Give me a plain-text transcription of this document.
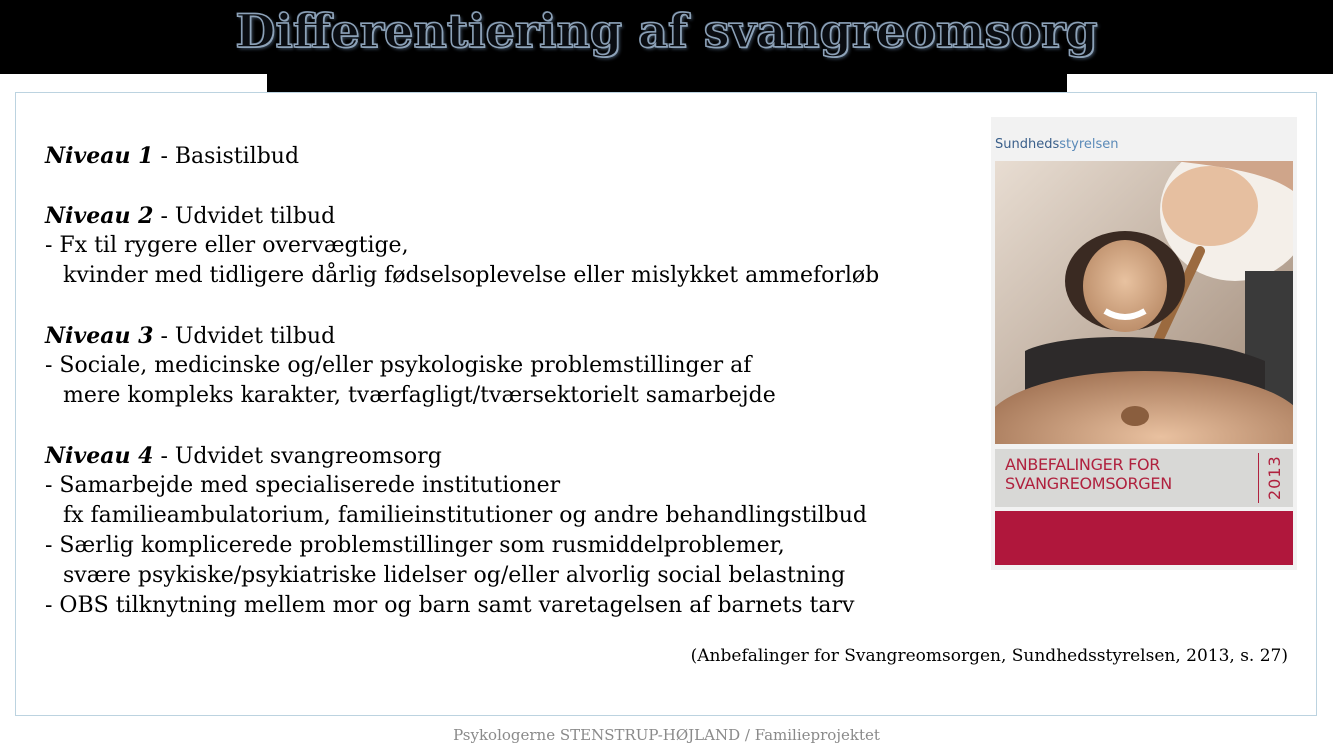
Differentiering af svangreomsorg
Niveau 1 - Basistilbud
Niveau 2 - Udvidet tilbud
- Fx til rygere eller overvægtige,
kvinder med tidligere dårlig fødselsoplevelse eller mislykket ammeforløb
Niveau 3 - Udvidet tilbud
- Sociale, medicinske og/eller psykologiske problemstillinger af
mere kompleks karakter, tværfagligt/tværsektorielt samarbejde
Niveau 4 - Udvidet svangreomsorg
- Samarbejde med specialiserede institutioner
fx familieambulatorium, familieinstitutioner og andre behandlingstilbud
- Særlig komplicerede problemstillinger som rusmiddelproblemer,
svære psykiske/psykiatriske lidelser og/eller alvorlig social belastning
- OBS tilknytning mellem mor og barn samt varetagelsen af barnets tarv
Sundhedsstyrelsen
ANBEFALINGER FOR
SVANGREOMSORGEN	2013
(Anbefalinger for Svangreomsorgen, Sundhedsstyrelsen, 2013, s. 27)
Psykologerne STENSTRUP-HØJLAND / Familieprojektet
